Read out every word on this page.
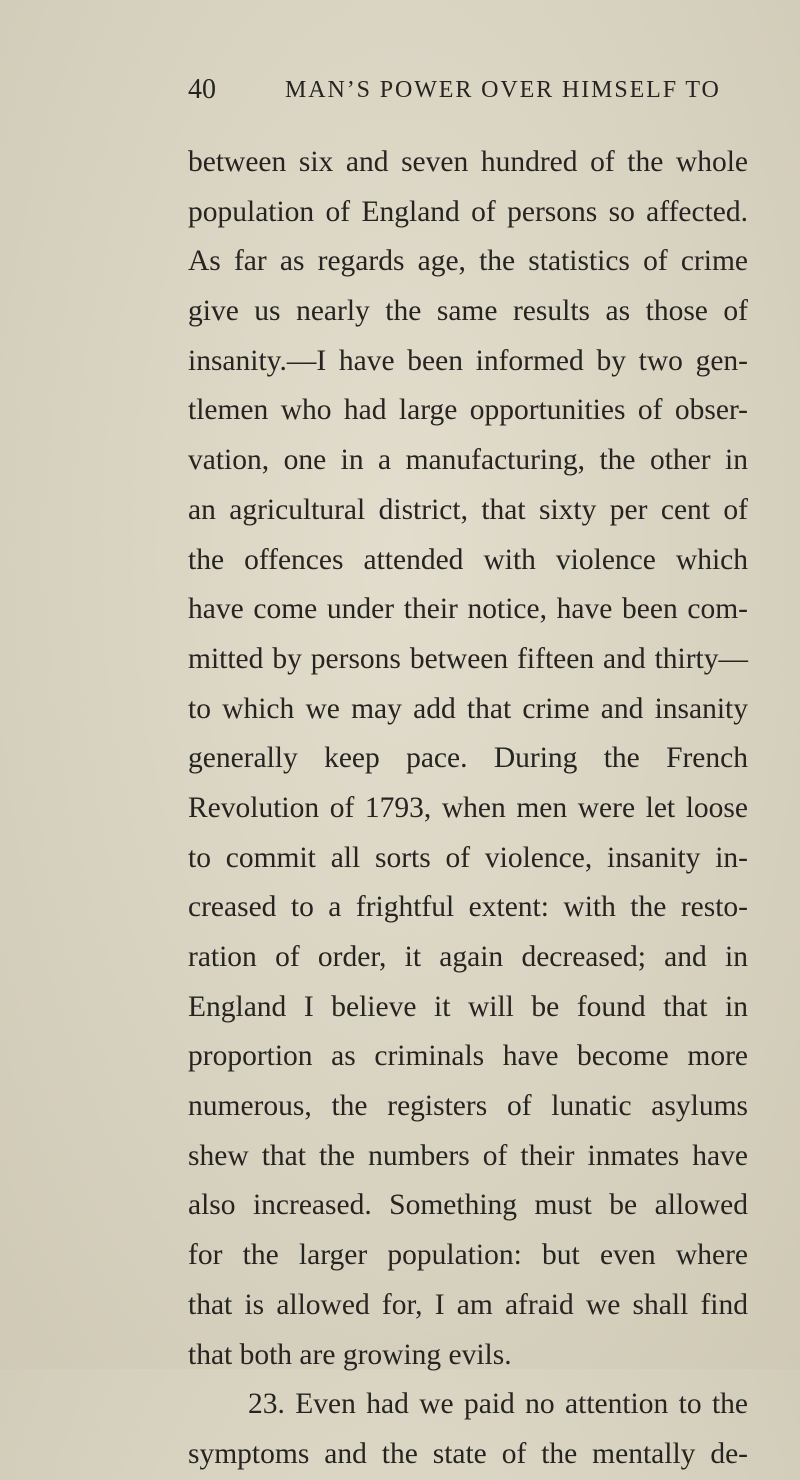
40	MAN’S POWER OVER HIMSELF TO
between six and seven hundred of the whole
population of England of persons so affected.
As far as regards age, the statistics of crime
give us nearly the same results as those of
insanity.—I have been informed by two gen-
tlemen who had large opportunities of obser-
vation, one in a manufacturing, the other in
an agricultural district, that sixty per cent of
the offences attended with violence which
have come under their notice, have been com-
mitted by persons between fifteen and thirty—
to which we may add that crime and insanity
generally keep pace. During the French
Revolution of 1793, when men were let loose
to commit all sorts of violence, insanity in-
creased to a frightful extent: with the resto-
ration of order, it again decreased; and in
England I believe it will be found that in
proportion as criminals have become more
numerous, the registers of lunatic asylums
shew that the numbers of their inmates have
also increased. Something must be allowed
for the larger population: but even where
that is allowed for, I am afraid we shall find
that both are growing evils.
23. Even had we paid no attention to the
symptoms and the state of the mentally de-
